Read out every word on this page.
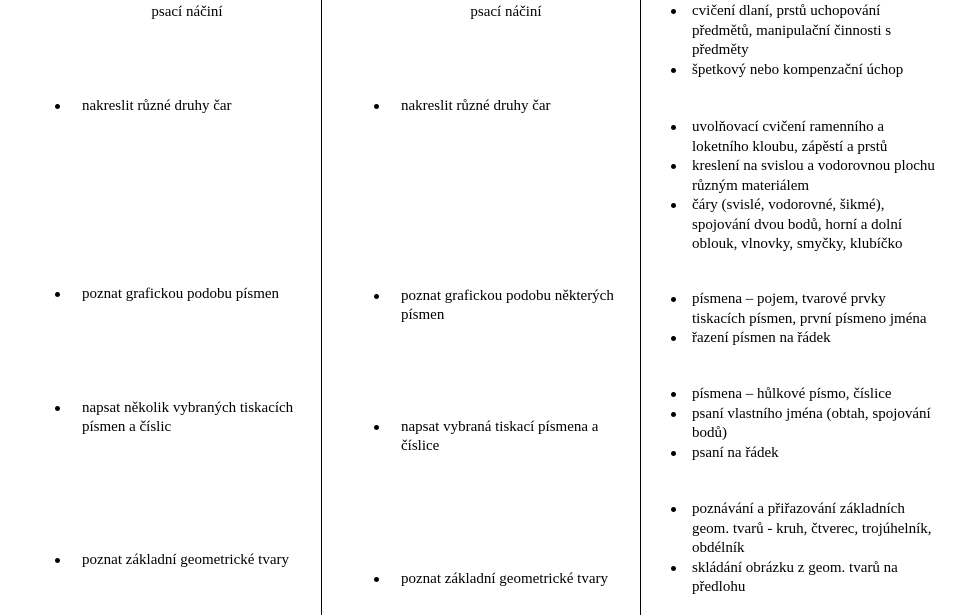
psací náčiní
nakreslit různé druhy čar
poznat grafickou podobu písmen
napsat několik vybraných tiskacích písmen a číslic
poznat základní geometrické tvary
psací náčiní
nakreslit různé druhy čar
poznat grafickou podobu některých písmen
napsat vybraná tiskací písmena a číslice
poznat základní geometrické tvary
cvičení dlaní, prstů uchopování předmětů, manipulační činnosti s předměty
špetkový nebo kompenzační úchop
uvolňovací cvičení ramenního a loketního kloubu, zápěstí a prstů
kreslení na svislou a vodorovnou plochu různým materiálem
čáry (svislé, vodorovné, šikmé), spojování dvou bodů, horní a dolní oblouk, vlnovky, smyčky, klubíčko
písmena – pojem, tvarové prvky tiskacích písmen, první písmeno jména
řazení písmen na řádek
písmena – hůlkové písmo, číslice
psaní vlastního jména (obtah, spojování bodů)
psaní na řádek
poznávání a přiřazování základních geom. tvarů - kruh, čtverec, trojúhelník, obdélník
skládání obrázku z geom. tvarů na předlohu
